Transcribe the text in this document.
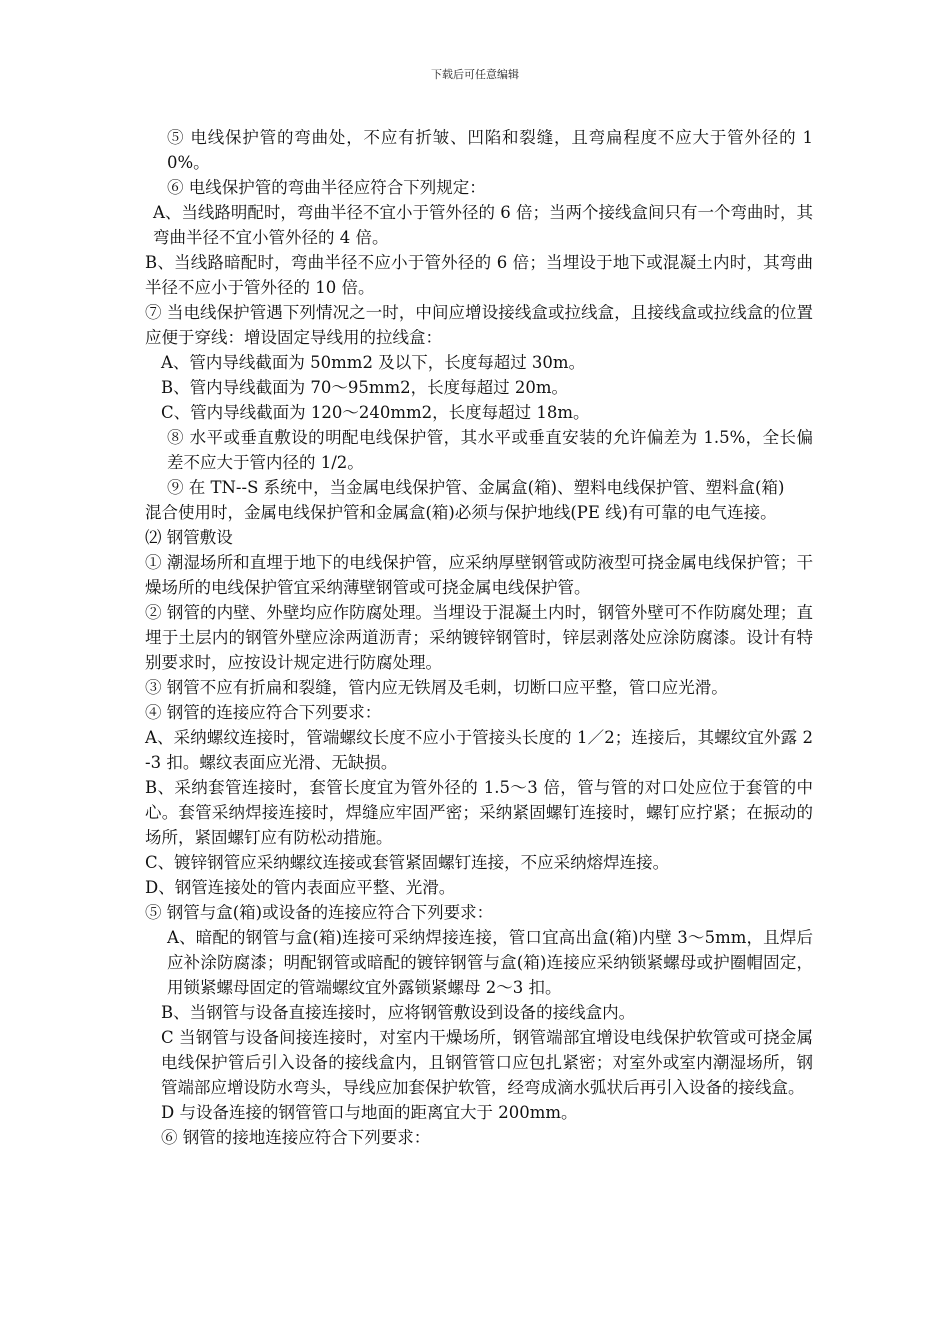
下载后可任意编辑

⑤ 电线保护管的弯曲处，不应有折皱、凹陷和裂缝，且弯扁程度不应大于管外径的 10%。

⑥ 电线保护管的弯曲半径应符合下列规定：

A、当线路明配时，弯曲半径不宜小于管外径的 6 倍；当两个接线盒间只有一个弯曲时，其弯曲半径不宜小管外径的 4 倍。

B、当线路暗配时，弯曲半径不应小于管外径的 6 倍；当埋设于地下或混凝土内时，其弯曲半径不应小于管外径的 10 倍。

⑦ 当电线保护管遇下列情况之一时，中间应增设接线盒或拉线盒，且接线盒或拉线盒的位置应便于穿线：增设固定导线用的拉线盒：

A、管内导线截面为 50mm2 及以下，长度每超过 30m。

B、管内导线截面为 70～95mm2，长度每超过 20m。

C、管内导线截面为 120～240mm2，长度每超过 18m。

⑧ 水平或垂直敷设的明配电线保护管，其水平或垂直安装的允许偏差为 1.5%，全长偏差不应大于管内径的 1/2。

⑨ 在 TN--S 系统中，当金属电线保护管、金属盒(箱)、塑料电线保护管、塑料盒(箱)

混合使用时，金属电线保护管和金属盒(箱)必须与保护地线(PE 线)有可靠的电气连接。

⑵ 钢管敷设

① 潮湿场所和直埋于地下的电线保护管，应采纳厚壁钢管或防液型可挠金属电线保护管；干燥场所的电线保护管宜采纳薄壁钢管或可挠金属电线保护管。

② 钢管的内壁、外壁均应作防腐处理。当埋设于混凝土内时，钢管外壁可不作防腐处理；直埋于土层内的钢管外壁应涂两道沥青；采纳镀锌钢管时，锌层剥落处应涂防腐漆。设计有特别要求时，应按设计规定进行防腐处理。

③ 钢管不应有折扁和裂缝，管内应无铁屑及毛刺，切断口应平整，管口应光滑。

④ 钢管的连接应符合下列要求：

A、采纳螺纹连接时，管端螺纹长度不应小于管接头长度的 1／2；连接后，其螺纹宜外露 2-3 扣。螺纹表面应光滑、无缺损。

B、采纳套管连接时，套管长度宜为管外径的 1.5～3 倍，管与管的对口处应位于套管的中心。套管采纳焊接连接时，焊缝应牢固严密；采纳紧固螺钉连接时，螺钉应拧紧；在振动的场所，紧固螺钉应有防松动措施。

C、镀锌钢管应采纳螺纹连接或套管紧固螺钉连接，不应采纳熔焊连接。

D、钢管连接处的管内表面应平整、光滑。

⑤ 钢管与盒(箱)或设备的连接应符合下列要求：

A、暗配的钢管与盒(箱)连接可采纳焊接连接，管口宜高出盒(箱)内壁 3～5mm，且焊后应补涂防腐漆；明配钢管或暗配的镀锌钢管与盒(箱)连接应采纳锁紧螺母或护圈帽固定，用锁紧螺母固定的管端螺纹宜外露锁紧螺母 2～3 扣。

B、当钢管与设备直接连接时，应将钢管敷设到设备的接线盒内。

C 当钢管与设备间接连接时，对室内干燥场所，钢管端部宜增设电线保护软管或可挠金属电线保护管后引入设备的接线盒内，且钢管管口应包扎紧密；对室外或室内潮湿场所，钢管端部应增设防水弯头，导线应加套保护软管，经弯成滴水弧状后再引入设备的接线盒。

D 与设备连接的钢管管口与地面的距离宜大于 200mm。

⑥ 钢管的接地连接应符合下列要求：
